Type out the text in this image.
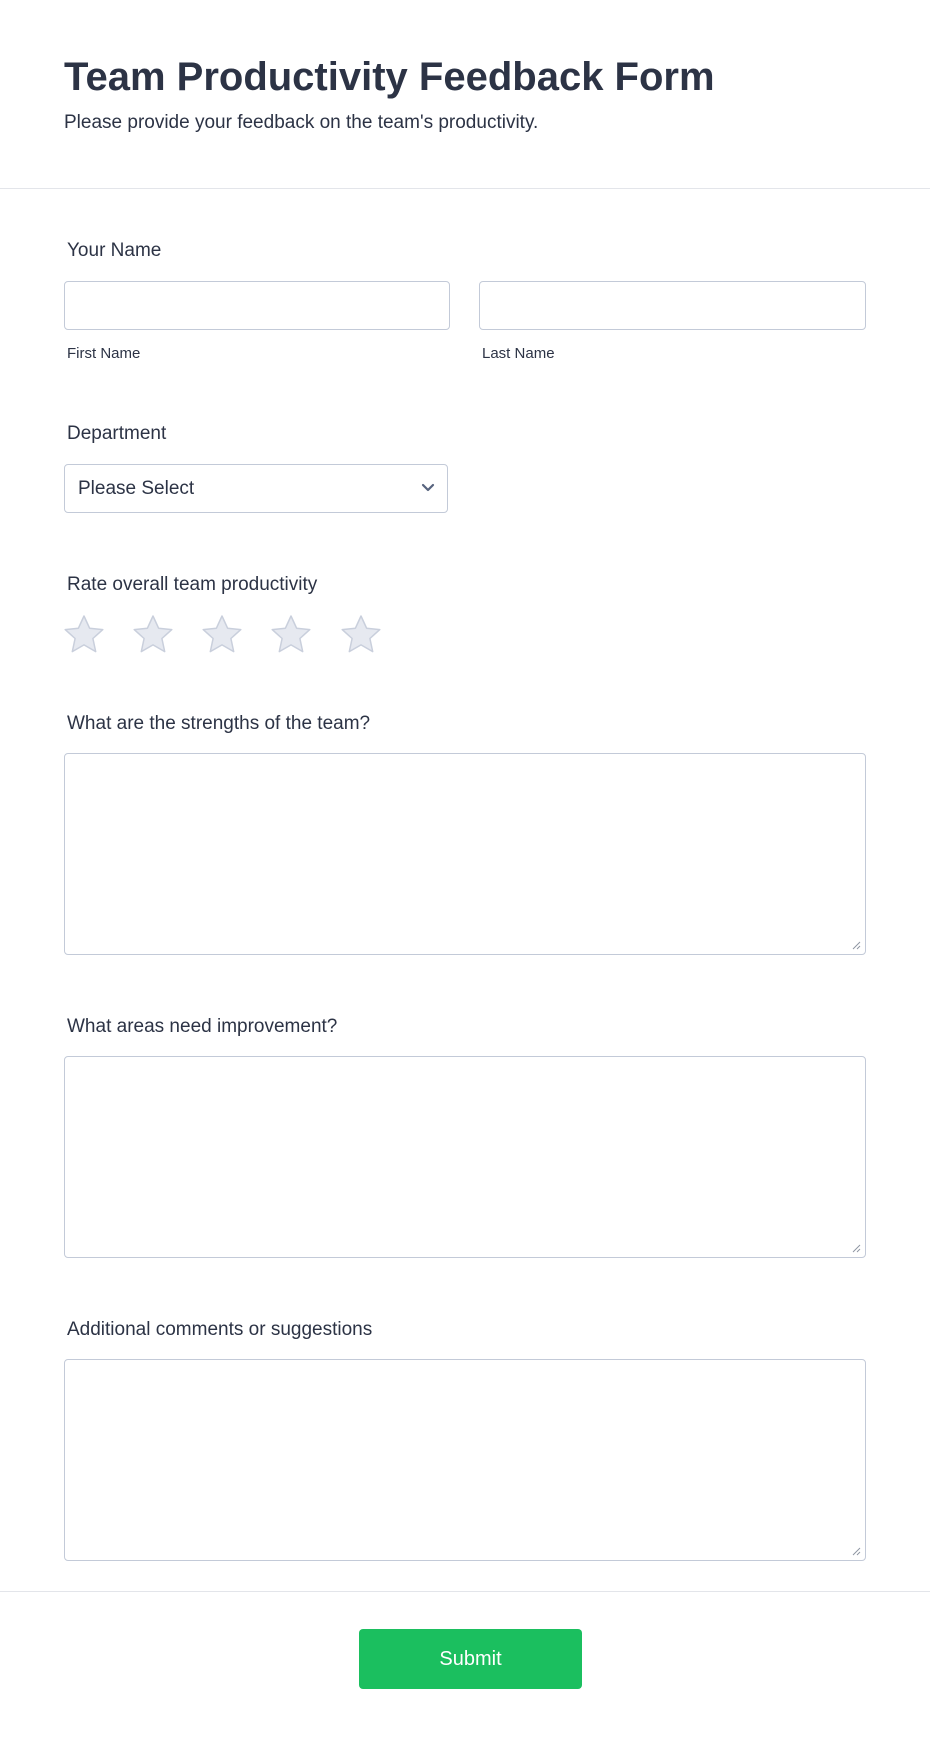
Team Productivity Feedback Form
Please provide your feedback on the team's productivity.
Your Name
First Name	Last Name
Department
Please Select
Rate overall team productivity
What are the strengths of the team?
What areas need improvement?
Additional comments or suggestions
Submit
